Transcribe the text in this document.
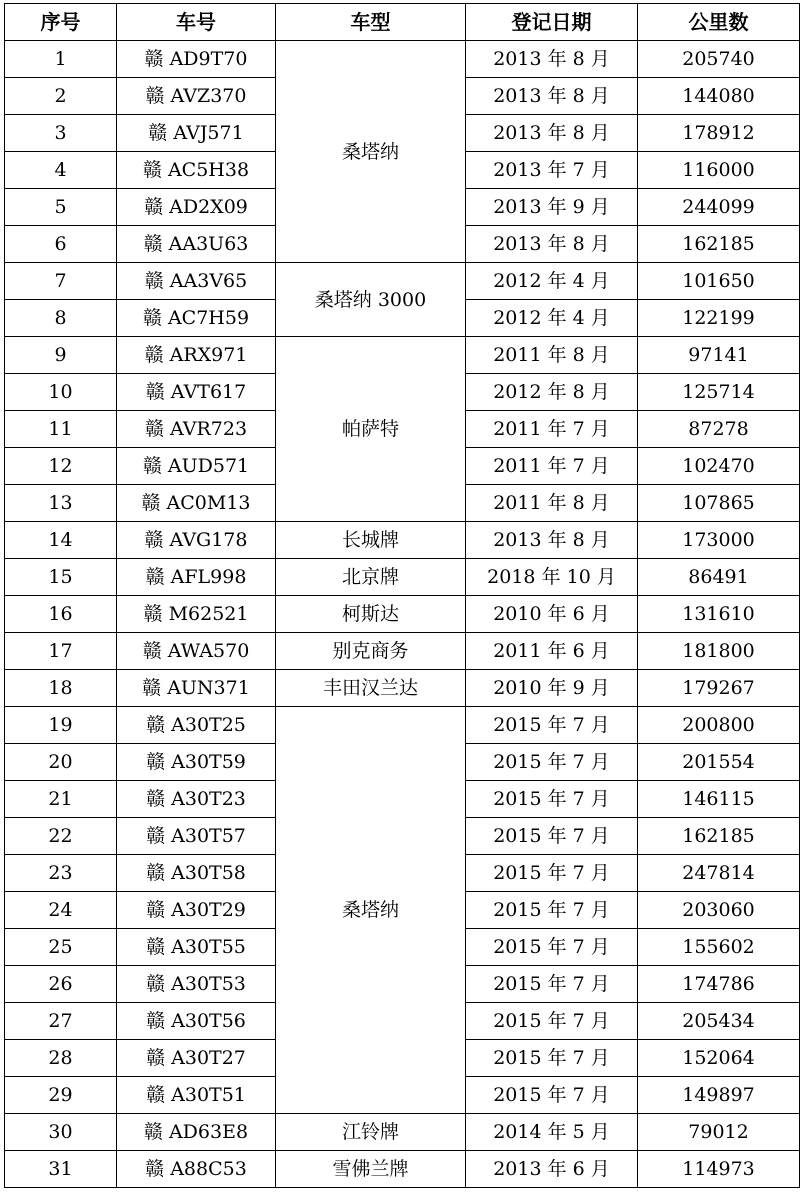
序号	车号	车型	登记日期	公里数
1	赣 AD9T70	桑塔纳	2013 年 8 月	205740
2	赣 AVZ370		2013 年 8 月	144080
3	赣 AVJ571		2013 年 8 月	178912
4	赣 AC5H38		2013 年 7 月	116000
5	赣 AD2X09		2013 年 9 月	244099
6	赣 AA3U63		2013 年 8 月	162185
7	赣 AA3V65	桑塔纳 3000	2012 年 4 月	101650
8	赣 AC7H59		2012 年 4 月	122199
9	赣 ARX971	帕萨特	2011 年 8 月	97141
10	赣 AVT617		2012 年 8 月	125714
11	赣 AVR723		2011 年 7 月	87278
12	赣 AUD571		2011 年 7 月	102470
13	赣 AC0M13		2011 年 8 月	107865
14	赣 AVG178	长城牌	2013 年 8 月	173000
15	赣 AFL998	北京牌	2018 年 10 月	86491
16	赣 M62521	柯斯达	2010 年 6 月	131610
17	赣 AWA570	别克商务	2011 年 6 月	181800
18	赣 AUN371	丰田汉兰达	2010 年 9 月	179267
19	赣 A30T25	桑塔纳	2015 年 7 月	200800
20	赣 A30T59		2015 年 7 月	201554
21	赣 A30T23		2015 年 7 月	146115
22	赣 A30T57		2015 年 7 月	162185
23	赣 A30T58		2015 年 7 月	247814
24	赣 A30T29		2015 年 7 月	203060
25	赣 A30T55		2015 年 7 月	155602
26	赣 A30T53		2015 年 7 月	174786
27	赣 A30T56		2015 年 7 月	205434
28	赣 A30T27		2015 年 7 月	152064
29	赣 A30T51		2015 年 7 月	149897
30	赣 AD63E8	江铃牌	2014 年 5 月	79012
31	赣 A88C53	雪佛兰牌	2013 年 6 月	114973
